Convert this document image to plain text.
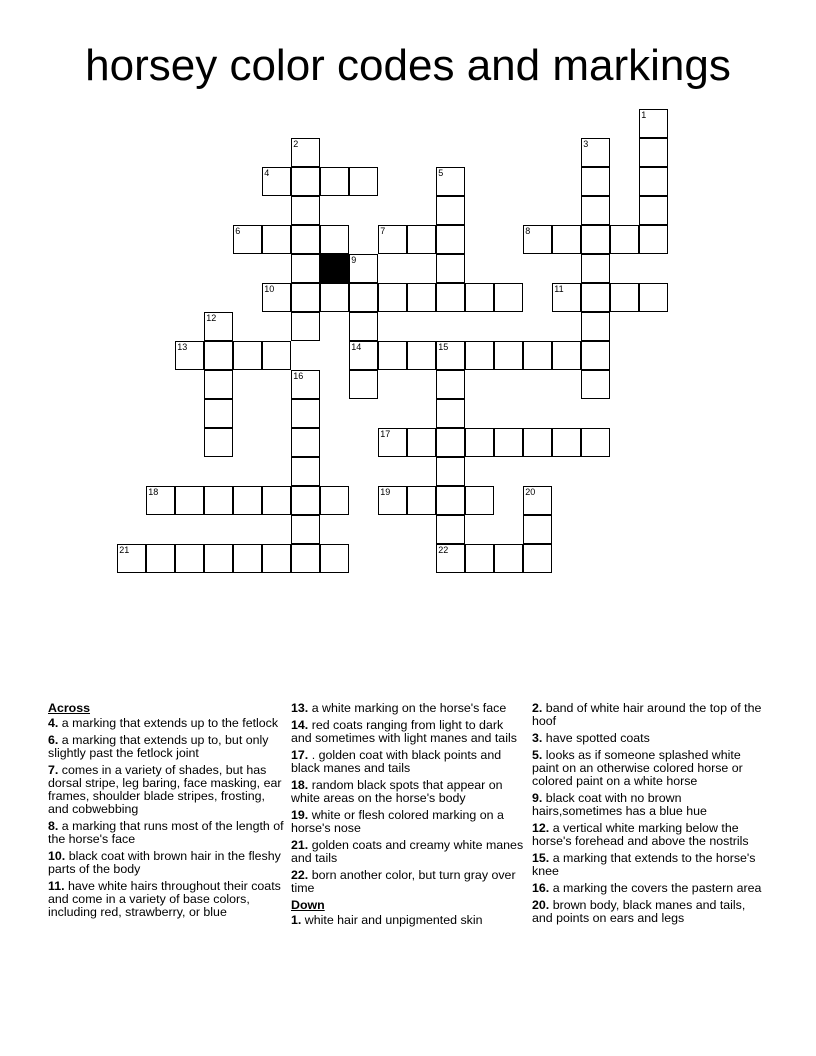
horsey color codes and markings
1
2	3
4	5
6	7	8
9
14
10	11
12
13	15
22
16
17
18	19	20
21
Across
4. a marking that extends up to the fetlock
6. a marking that extends up to, but only slightly past the fetlock joint
7. comes in a variety of shades, but has dorsal stripe, leg baring, face masking, ear frames, shoulder blade stripes, frosting, and cobwebbing
8. a marking that runs most of the length of the horse's face
10. black coat with brown hair in the fleshy parts of the body
11. have white hairs throughout their coats and come in a variety of base colors, including red, strawberry, or blue
13. a white marking on the horse's face
14. red coats ranging from light to dark and sometimes with light manes and tails
17. . golden coat with black points and black manes and tails
18. random black spots that appear on white areas on the horse's body
19. white or flesh colored marking on a horse's nose
21. golden coats and creamy white manes and tails
22. born another color, but turn gray over time
Down
1. white hair and unpigmented skin
2. band of white hair around the top of the hoof
3. have spotted coats
5. looks as if someone splashed white paint on an otherwise colored horse or colored paint on a white horse
9. black coat with no brown hairs,sometimes has a blue hue
12. a vertical white marking below the horse's forehead and above the nostrils
15. a marking that extends to the horse's knee
16. a marking the covers the pastern area
20. brown body, black manes and tails, and points on ears and legs
